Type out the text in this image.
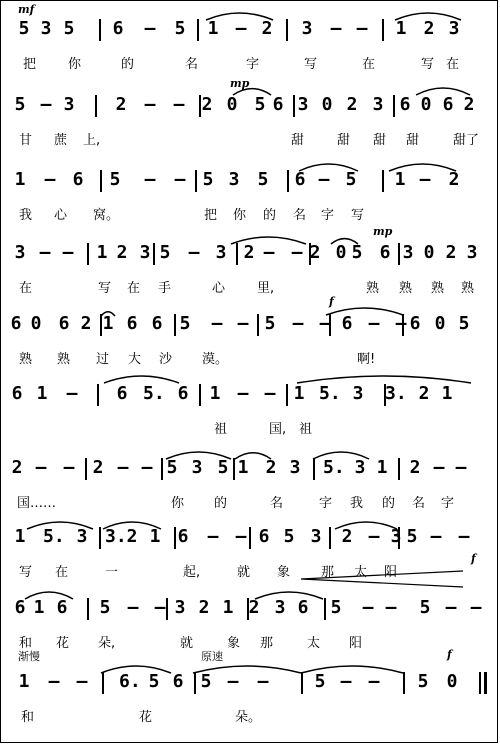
5 3 5 6 – 5 1 – 2 3 – – 1 2 3
把 你	的	名	字	写	在	写 在
mf
5 – 3 2 – – 2 0 5 6 3 0 2 3 6 0 6 2
甘 蔗 上,	甜	甜 甜 甜	甜了
mp
1 – 6 5 – – 5 3 5 6 – 5 1 – 2
我 心 窝。	把 你 的 名 字 写
3 – – 1 2 3 5 – 3 2 – – 2 0 5 6 3 0 2 3
在	写 在 手	心 里,	熟 熟 熟 熟
mp
6 0 6 2 1 6 6 5 – – 5 – – 6 – – 6 0 5
熟 熟 过 大 沙 漠。	啊!
f
6 1 – 6 5. 6 1 – – 1 5. 3 3. 2 1
祖	国, 祖
2 – – 2 – – 5 3 5 1 2 3 5. 3 1 2 – –
国……	你 的	名	字 我 的 名 字
1 5. 3 3. 2 1 6 – – 6 5 3 2 – 3 5 – –
写 在	一	起,	就 象 那 太 阳
f
6 1 6 5 – – 3 2 1 2 3 6 5 – – 5 – –
和 花 朵,	就	象 那	太 阳
1 – – 6. 5 6 5 – –	5 – – 5 0
和	花	朵。
f
渐慢	原速
